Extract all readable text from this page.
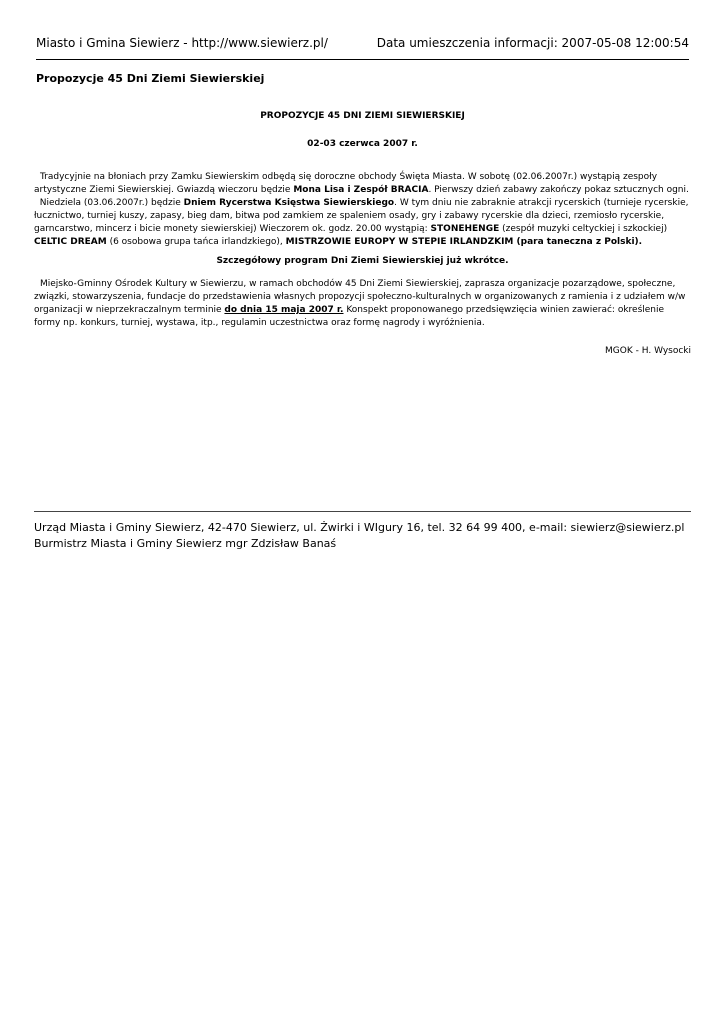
Miasto i Gmina Siewierz - http://www.siewierz.pl/	Data umieszczenia informacji: 2007-05-08 12:00:54
Propozycje 45 Dni Ziemi Siewierskiej

PROPOZYCJE 45 DNI ZIEMI SIEWIERSKIEJ

02-03 czerwca 2007 r.

Tradycyjnie na błoniach przy Zamku Siewierskim odbędą się doroczne obchody Święta Miasta. W sobotę (02.06.2007r.) wystąpią zespoły artystyczne Ziemi Siewierskiej. Gwiazdą wieczoru będzie Mona Lisa i Zespół BRACIA. Pierwszy dzień zabawy zakończy pokaz sztucznych ogni.
Niedziela (03.06.2007r.) będzie Dniem Rycerstwa Księstwa Siewierskiego. W tym dniu nie zabraknie atrakcji rycerskich (turnieje rycerskie, łucznictwo, turniej kuszy, zapasy, bieg dam, bitwa pod zamkiem ze spaleniem osady, gry i zabawy rycerskie dla dzieci, rzemiosło rycerskie, garncarstwo, mincerz i bicie monety siewierskiej) Wieczorem ok. godz. 20.00 wystąpią: STONEHENGE (zespół muzyki celtyckiej i szkockiej) CELTIC DREAM (6 osobowa grupa tańca irlandzkiego), MISTRZOWIE EUROPY W STEPIE IRLANDZKIM (para taneczna z Polski).

Szczegółowy program Dni Ziemi Siewierskiej już wkrótce.

Miejsko-Gminny Ośrodek Kultury w Siewierzu, w ramach obchodów 45 Dni Ziemi Siewierskiej, zaprasza organizacje pozarządowe, społeczne, związki, stowarzyszenia, fundacje do przedstawienia własnych propozycji społeczno-kulturalnych w organizowanych z ramienia i z udziałem w/w organizacji w nieprzekraczalnym terminie do dnia 15 maja 2007 r. Konspekt proponowanego przedsięwzięcia winien zawierać: określenie formy np. konkurs, turniej, wystawa, itp., regulamin uczestnictwa oraz formę nagrody i wyróżnienia.

MGOK - H. Wysocki

Urząd Miasta i Gminy Siewierz, 42-470 Siewierz, ul. Żwirki i WIgury 16, tel. 32 64 99 400, e-mail: siewierz@siewierz.pl
Burmistrz Miasta i Gminy Siewierz mgr Zdzisław Banaś
